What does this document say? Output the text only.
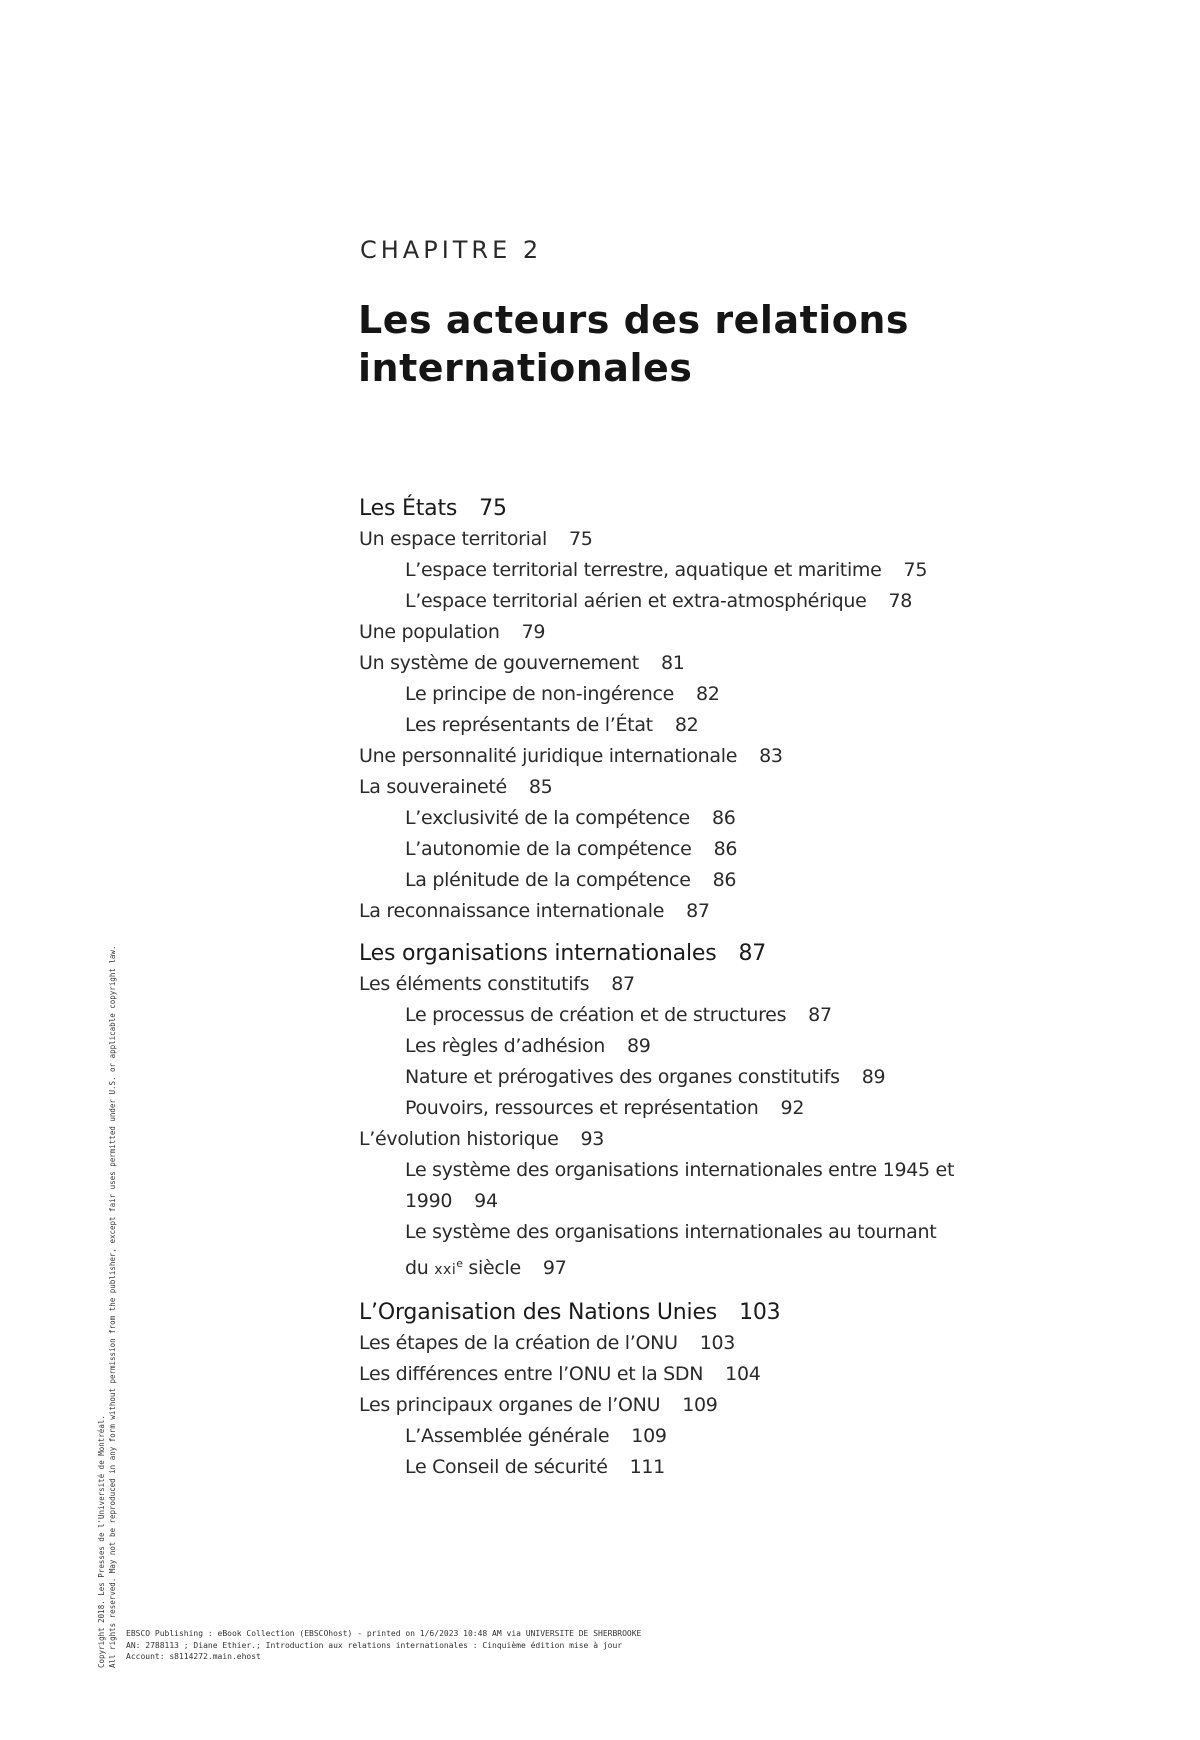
CHAPITRE 2
Les acteurs des relations internationales
Les États 75
Un espace territorial 75
L’espace territorial terrestre, aquatique et maritime 75
L’espace territorial aérien et extra-atmosphérique 78
Une population 79
Un système de gouvernement 81
Le principe de non-ingérence 82
Les représentants de l’État 82
Une personnalité juridique internationale 83
La souveraineté 85
L’exclusivité de la compétence 86
L’autonomie de la compétence 86
La plénitude de la compétence 86
La reconnaissance internationale 87
Les organisations internationales 87
Les éléments constitutifs 87
Le processus de création et de structures 87
Les règles d’adhésion 89
Nature et prérogatives des organes constitutifs 89
Pouvoirs, ressources et représentation 92
L’évolution historique 93
Le système des organisations internationales entre 1945 et 1990 94
Le système des organisations internationales au tournant du xxi$^e$ siècle 97
L’Organisation des Nations Unies 103
Les étapes de la création de l’ONU 103
Les différences entre l’ONU et la SDN 104
Les principaux organes de l’ONU 109
L’Assemblée générale 109
Le Conseil de sécurité 111
Copyright 2018. Les Presses de l'Université de Montréal. All rights reserved. May not be reproduced in any form without permission from the publisher, except fair uses permitted under U.S. or applicable copyright law. EBSCO Publishing : eBook Collection (EBSCOhost) - printed on 1/6/2023 10:48 AM via UNIVERSITE DE SHERBROOKE
AN: 2788113 ; Diane Ethier.; Introduction aux relations internationales : Cinquième édition mise à jour
Account: s8114272.main.ehost
